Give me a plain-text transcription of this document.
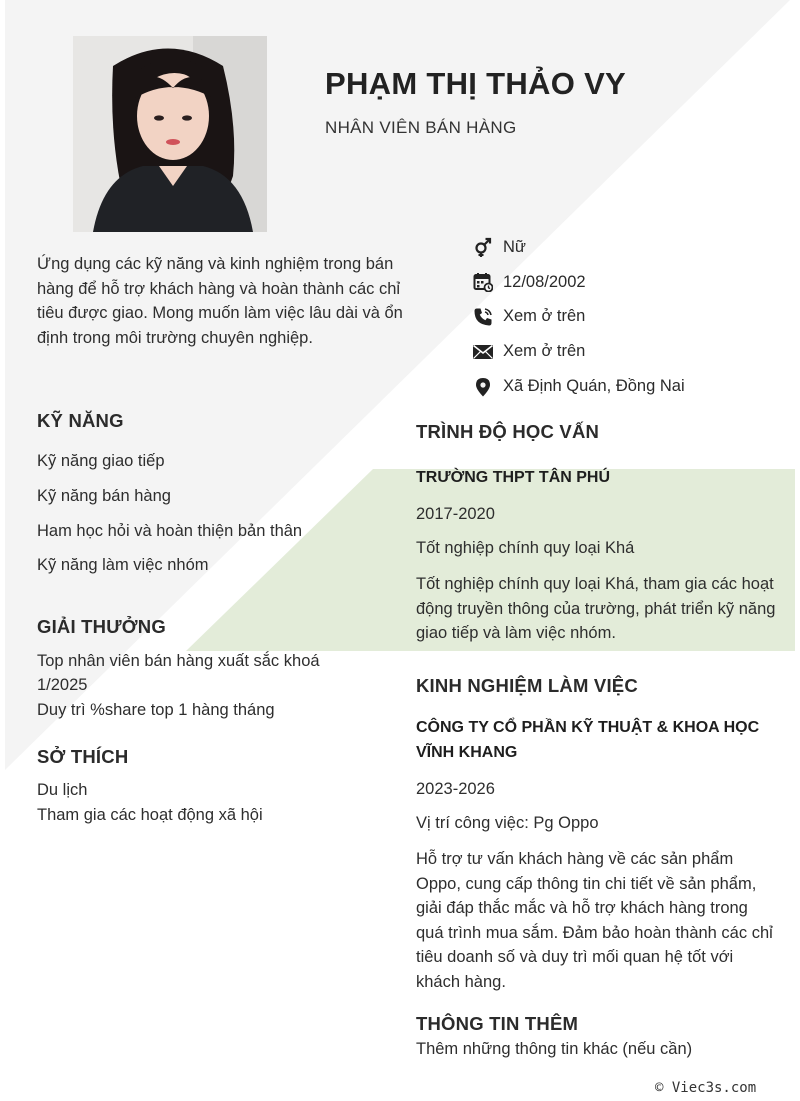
PHẠM THỊ THẢO VY
NHÂN VIÊN BÁN HÀNG
Ứng dụng các kỹ năng và kinh nghiệm trong bán hàng để hỗ trợ khách hàng và hoàn thành các chỉ tiêu được giao. Mong muốn làm việc lâu dài và ổn định trong môi trường chuyên nghiệp.
Nữ
12/08/2002
Xem ở trên
Xem ở trên
Xã Định Quán, Đồng Nai
KỸ NĂNG
Kỹ năng giao tiếp
Kỹ năng bán hàng
Ham học hỏi và hoàn thiện bản thân
Kỹ năng làm việc nhóm
GIẢI THƯỞNG
Top nhân viên bán hàng xuất sắc khoá
1/2025
Duy trì %share top 1 hàng tháng
SỞ THÍCH
Du lịch
Tham gia các hoạt động xã hội
TRÌNH ĐỘ HỌC VẤN
TRƯỜNG THPT TÂN PHÚ
2017-2020
Tốt nghiệp chính quy loại Khá
Tốt nghiệp chính quy loại Khá, tham gia các hoạt động truyền thông của trường, phát triển kỹ năng giao tiếp và làm việc nhóm.
KINH NGHIỆM LÀM VIỆC
CÔNG TY CỔ PHẦN KỸ THUẬT & KHOA HỌC VĨNH KHANG
2023-2026
Vị trí công việc: Pg Oppo
Hỗ trợ tư vấn khách hàng về các sản phẩm Oppo, cung cấp thông tin chi tiết về sản phẩm, giải đáp thắc mắc và hỗ trợ khách hàng trong quá trình mua sắm. Đảm bảo hoàn thành các chỉ tiêu doanh số và duy trì mối quan hệ tốt với khách hàng.
THÔNG TIN THÊM
Thêm những thông tin khác (nếu cần)
© Viec3s.com
